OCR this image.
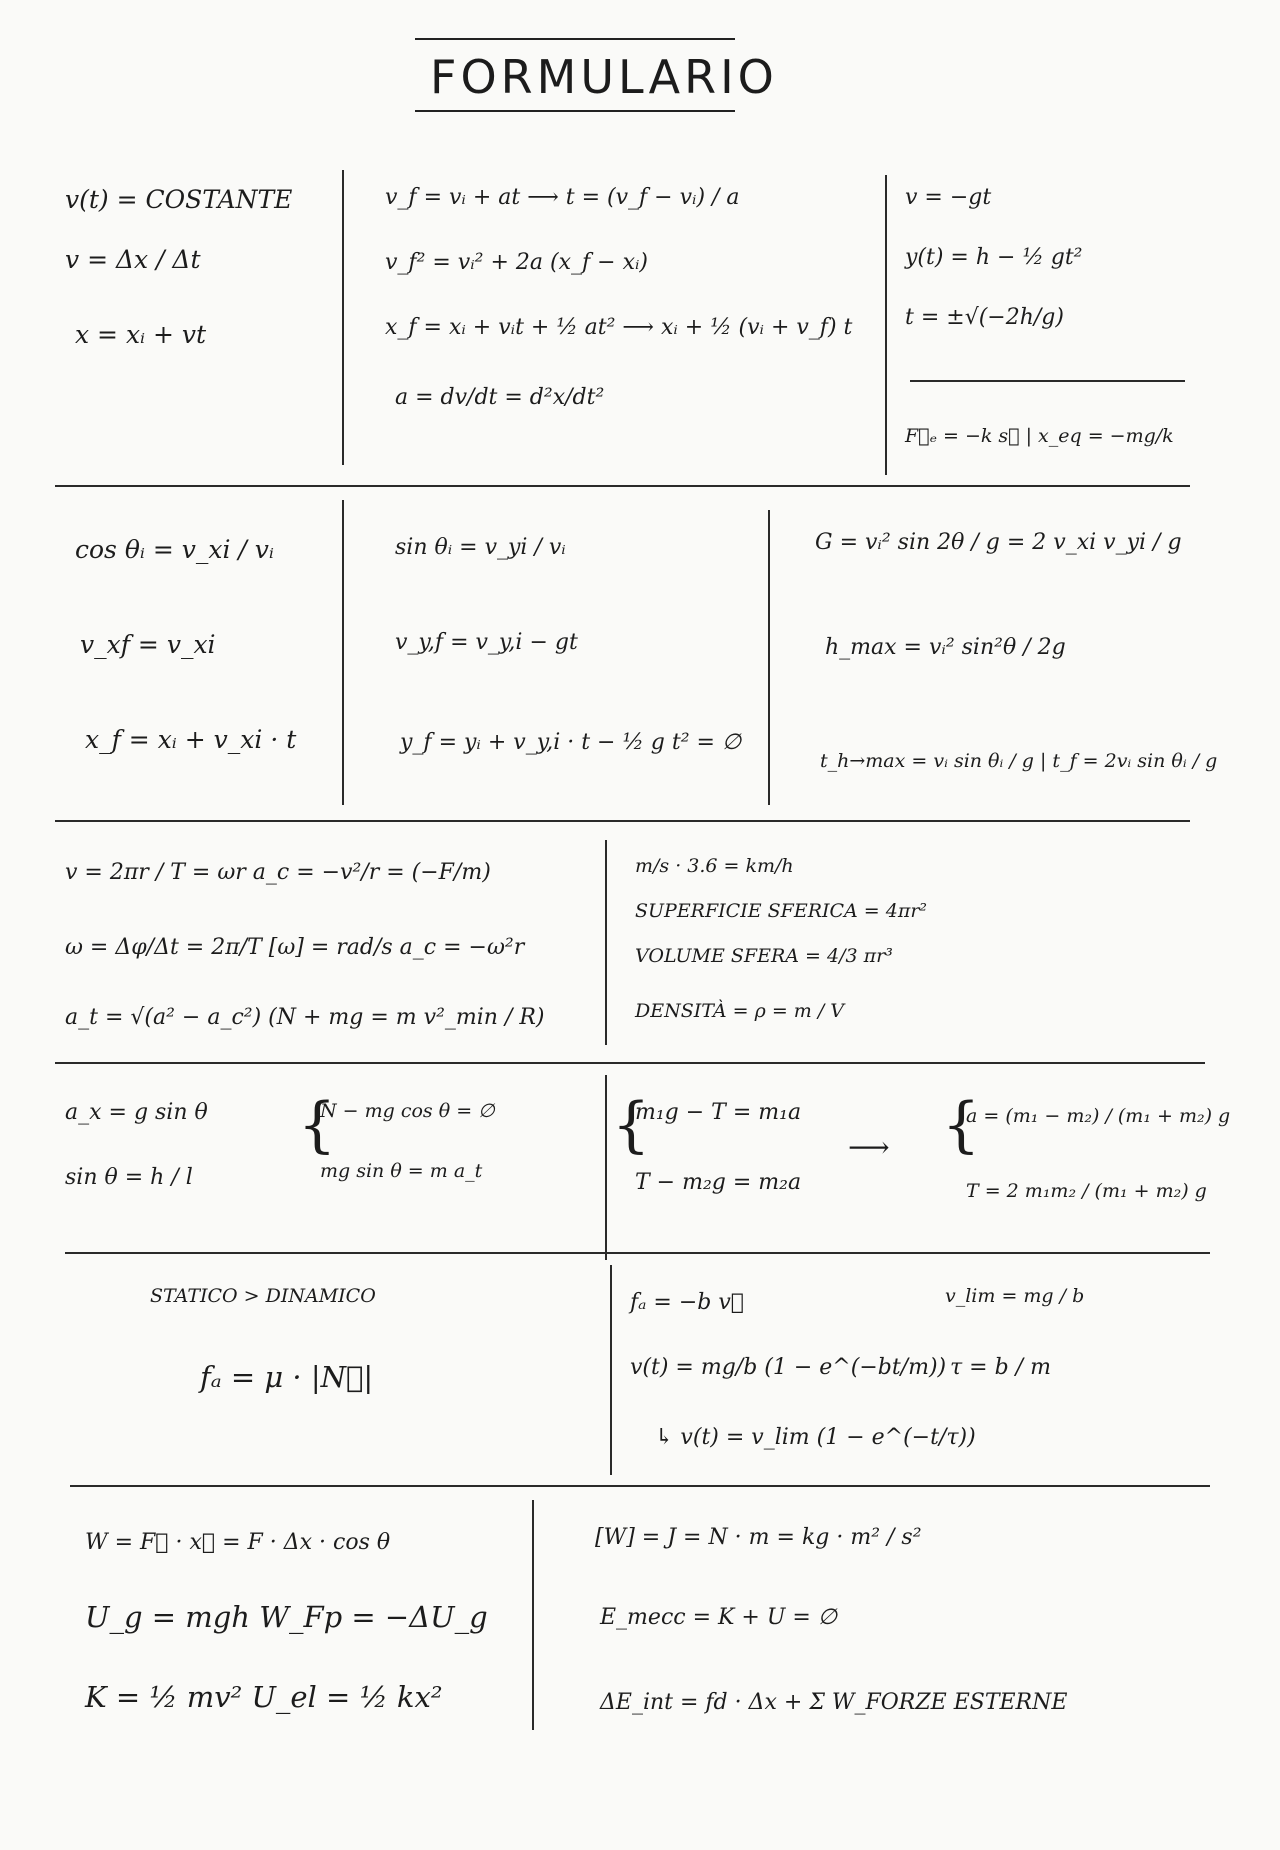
FORMULARIO
v(t) = COSTANTE
v = Δx / Δt
x = xᵢ + vt
v_f = vᵢ + at ⟶ t = (v_f − vᵢ) / a
v_f² = vᵢ² + 2a (x_f − xᵢ)
x_f = xᵢ + vᵢt + ½ at² ⟶ xᵢ + ½ (vᵢ + v_f) t
a = dv/dt = d²x/dt²
v = −gt
y(t) = h − ½ gt²
t = ±√(−2h/g)
F⃗ₑ = −k s⃗ | x_eq = −mg/k
cos θᵢ = v_xi / vᵢ
v_xf = v_xi
x_f = xᵢ + v_xi · t
sin θᵢ = v_yi / vᵢ
v_y,f = v_y,i − gt
y_f = yᵢ + v_y,i · t − ½ g t² = ∅
G = vᵢ² sin 2θ / g = 2 v_xi v_yi / g
h_max = vᵢ² sin²θ / 2g
t_h→max = vᵢ sin θᵢ / g | t_f = 2vᵢ sin θᵢ / g
v = 2πr / T = ωr a_c = −v²/r = (−F/m)
ω = Δφ/Δt = 2π/T [ω] = rad/s a_c = −ω²r
a_t = √(a² − a_c²) (N + mg = m v²_min / R)
m/s · 3.6 = km/h
SUPERFICIE SFERICA = 4πr²
VOLUME SFERA = 4/3 πr³
DENSITÀ = ρ = m / V
a_x = g sin θ
sin θ = h / l
{
N − mg cos θ = ∅
mg sin θ = m a_t
{
m₁g − T = m₁a
T − m₂g = m₂a
⟶ {
a = (m₁ − m₂) / (m₁ + m₂) g
T = 2 m₁m₂ / (m₁ + m₂) g
STATICO > DINAMICO
fₐ = μ · |N⃗|
fₐ = −b v⃗	v_lim = mg / b
v(t) = mg/b (1 − e^(−bt/m)) τ = b / m
↳ v(t) = v_lim (1 − e^(−t/τ))
W = F⃗ · x⃗ = F · Δx · cos θ
U_g = mgh W_Fp = −ΔU_g
K = ½ mv² U_el = ½ kx²
[W] = J = N · m = kg · m² / s²
E_mecc = K + U = ∅
ΔE_int = fd · Δx + Σ W_FORZE ESTERNE
